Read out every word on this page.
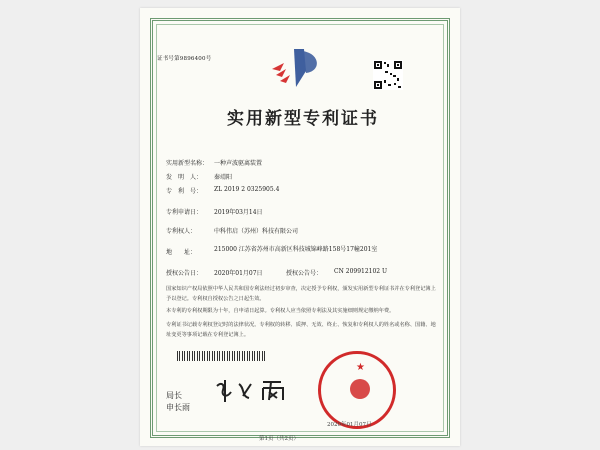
证书号第9896400号
实用新型专利证书
实用新型名称： 一种声波驱离装置
发　明　人： 秦靖阳
专　利　号： ZL 2019 2 0325905.4
专利申请日： 2019年03月14日
专利权人：	中科伟启（苏州）科技有限公司
地　　址：	215000 江苏省苏州市高新区科技城锦峰路158号17幢201室
授权公告日： 2020年01月07日	授权公告号： CN 209912102 U
国家知识产权局依照中华人民共和国专利法经过初步审查，决定授予专利权，颁发实用新型专利证书并在专利登记簿上予以登记。专利权自授权公告之日起生效。
本专利的专利权期限为十年，自申请日起算。专利权人应当依照专利法及其实施细则规定缴纳年费。
专利证书记载专利权登记时的法律状况。专利权的转移、质押、无效、终止、恢复和专利权人的姓名或名称、国籍、地址变更等事项记载在专利登记簿上。
局长
申长雨
★
2020年01月07日
第1页（共2页）
